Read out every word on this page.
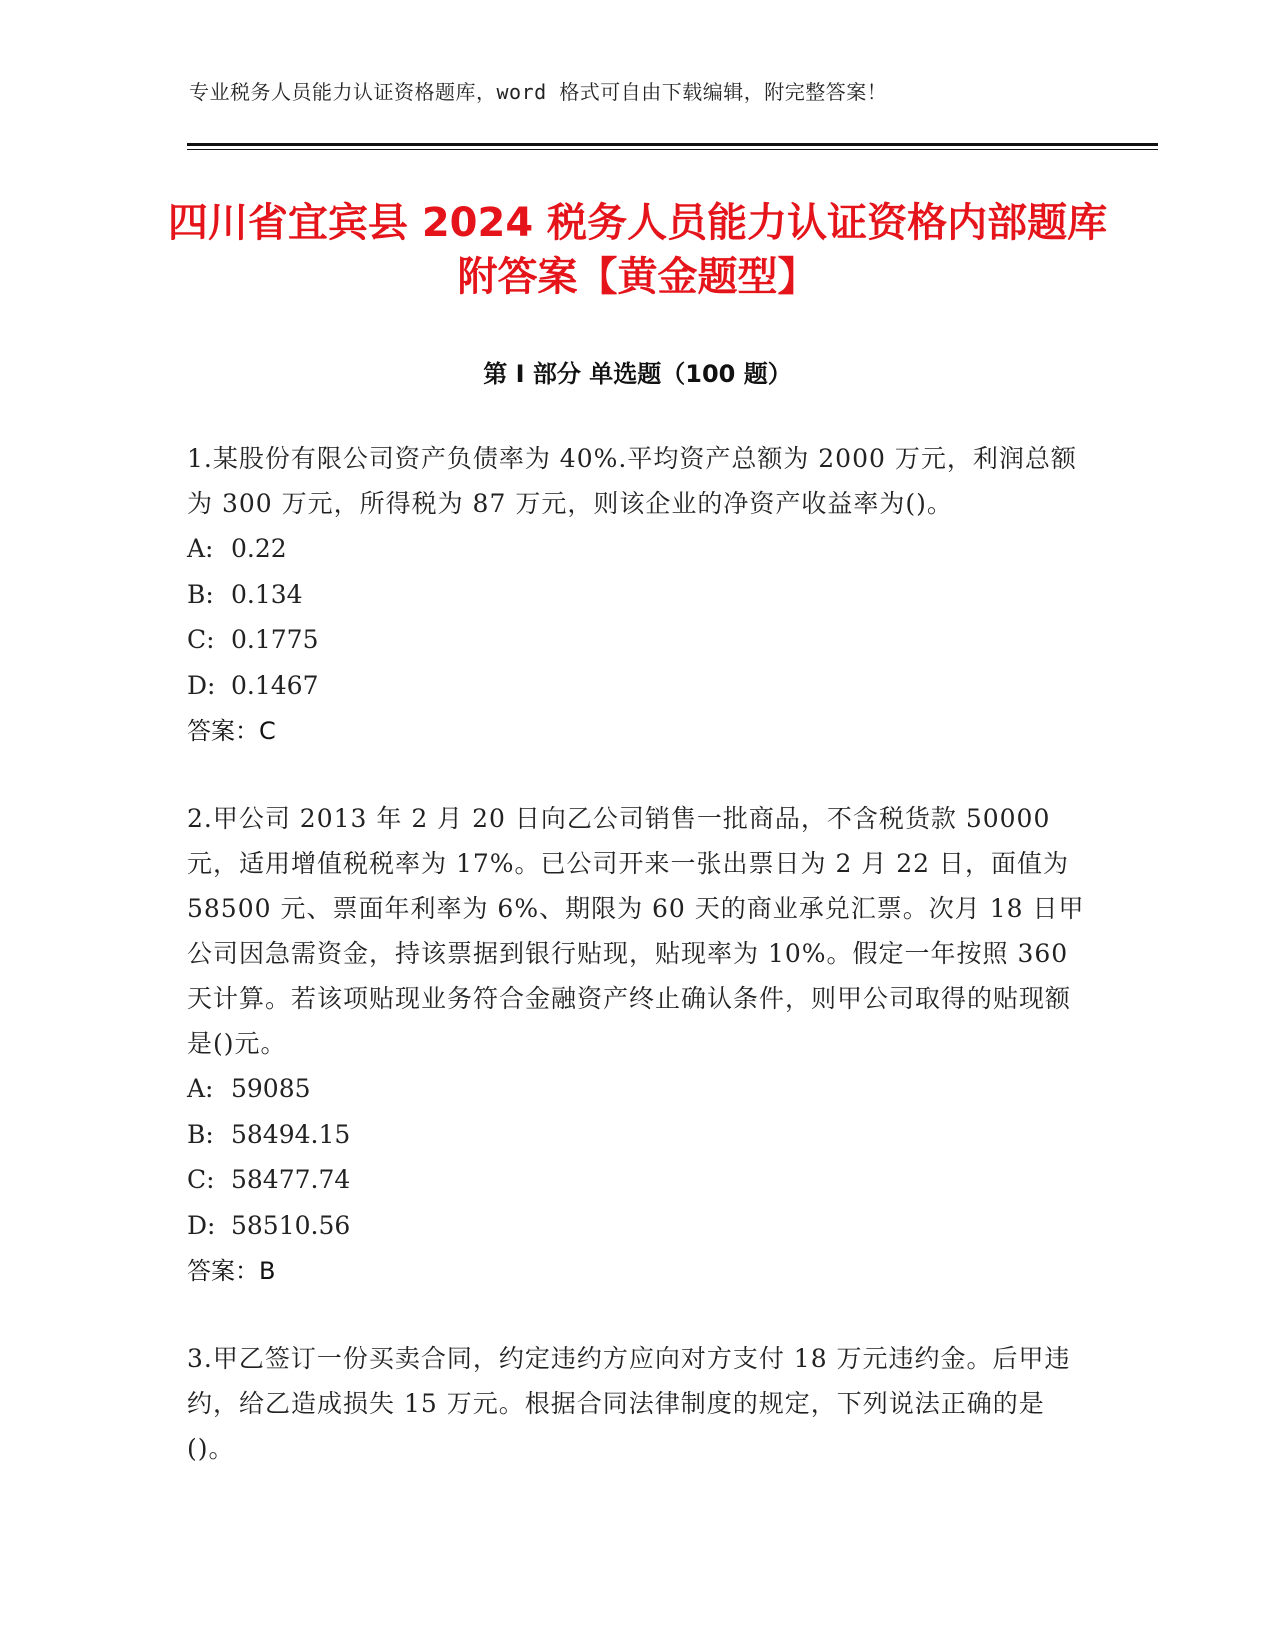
专业税务人员能力认证资格题库，word 格式可自由下载编辑，附完整答案！
四川省宜宾县 2024 税务人员能力认证资格内部题库附答案【黄金题型】
第 I 部分 单选题（100 题）
1.某股份有限公司资产负债率为 40%.平均资产总额为 2000 万元，利润总额为 300 万元，所得税为 87 万元，则该企业的净资产收益率为()。
A: 0.22
B: 0.134
C: 0.1775
D: 0.1467
答案：C
2.甲公司 2013 年 2 月 20 日向乙公司销售一批商品，不含税货款 50000 元，适用增值税税率为 17%。已公司开来一张出票日为 2 月 22 日，面值为 58500 元、票面年利率为 6%、期限为 60 天的商业承兑汇票。次月 18 日甲公司因急需资金，持该票据到银行贴现，贴现率为 10%。假定一年按照 360 天计算。若该项贴现业务符合金融资产终止确认条件，则甲公司取得的贴现额是()元。
A: 59085
B: 58494.15
C: 58477.74
D: 58510.56
答案：B
3.甲乙签订一份买卖合同，约定违约方应向对方支付 18 万元违约金。后甲违约，给乙造成损失 15 万元。根据合同法律制度的规定，下列说法正确的是()。
